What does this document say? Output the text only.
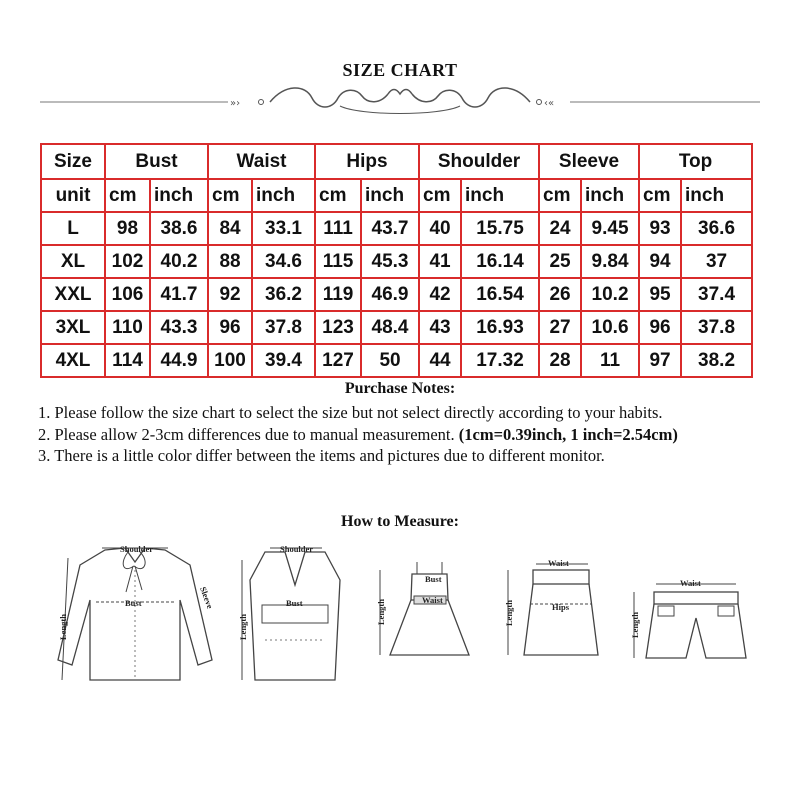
SIZE CHART
»›	‹«
Size	Bust		Waist		Hips		Shoulder		Sleeve		Top	
unit	cm	inch	cm	inch	cm	inch	cm	inch	cm	inch	cm	inch
L	98	38.6	84	33.1	111	43.7	40	15.75	24	9.45	93	36.6
XL	102	40.2	88	34.6	115	45.3	41	16.14	25	9.84	94	37
XXL	106	41.7	92	36.2	119	46.9	42	16.54	26	10.2	95	37.4
3XL	110	43.3	96	37.8	123	48.4	43	16.93	27	10.6	96	37.8
4XL	114	44.9	100	39.4	127	50	44	17.32	28	11	97	38.2
Purchase Notes:

1. Please follow the size chart to select the size but not select directly according to your habits.

2. Please allow 2-3cm differences due to manual measurement. (1cm=0.39inch, 1 inch=2.54cm)

3. There is a little color differ between the items and pictures due to different monitor.

How to Measure:
Shoulder
Bust	Sleeve
Length
Shoulder
Bust
Length
Bust
Waist
Length
Waist
Hips
Length
Waist
Length
